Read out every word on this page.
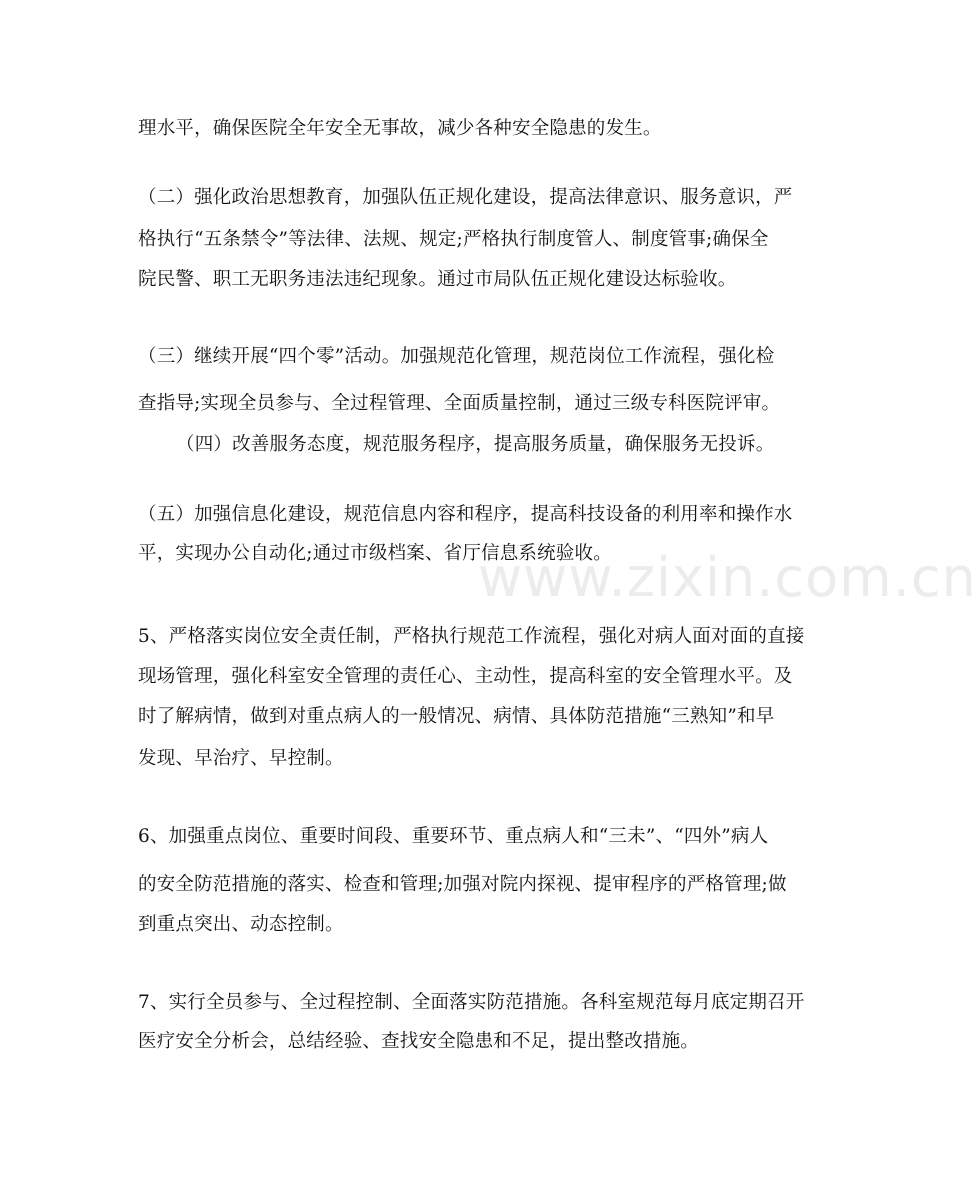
理水平，确保医院全年安全无事故，减少各种安全隐患的发生。
（二）强化政治思想教育，加强队伍正规化建设，提高法律意识、服务意识，严
格执行“五条禁令”等法律、法规、规定;严格执行制度管人、制度管事;确保全
院民警、职工无职务违法违纪现象。通过市局队伍正规化建设达标验收。
（三）继续开展“四个零”活动。加强规范化管理，规范岗位工作流程，强化检
查指导;实现全员参与、全过程管理、全面质量控制，通过三级专科医院评审。
（四）改善服务态度，规范服务程序，提高服务质量，确保服务无投诉。
（五）加强信息化建设，规范信息内容和程序，提高科技设备的利用率和操作水
平，实现办公自动化;通过市级档案、省厅信息系统验收。
5、严格落实岗位安全责任制，严格执行规范工作流程，强化对病人面对面的直接
现场管理，强化科室安全管理的责任心、主动性，提高科室的安全管理水平。及
时了解病情，做到对重点病人的一般情况、病情、具体防范措施“三熟知”和早
发现、早治疗、早控制。
6、加强重点岗位、重要时间段、重要环节、重点病人和“三未”、“四外”病人
的安全防范措施的落实、检查和管理;加强对院内探视、提审程序的严格管理;做
到重点突出、动态控制。
7、实行全员参与、全过程控制、全面落实防范措施。各科室规范每月底定期召开
医疗安全分析会，总结经验、查找安全隐患和不足，提出整改措施。
www.zixin.com.cn
